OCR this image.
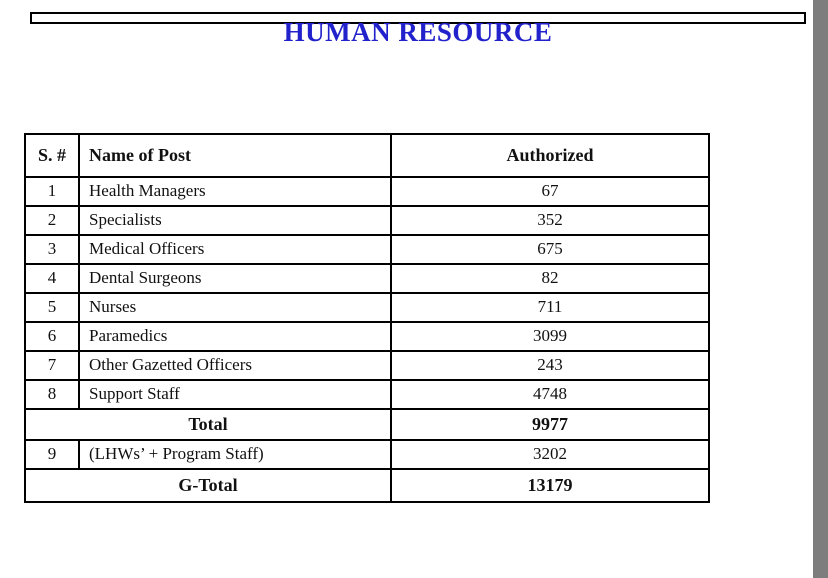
HUMAN RESOURCE
S. #	Name of Post	Authorized
1	Health Managers	67
2	Specialists	352
3	Medical Officers	675
4	Dental Surgeons	82
5	Nurses	711
6	Paramedics	3099
7	Other Gazetted Officers	243
8	Support Staff	4748
Total		9977
9	(LHWs’ + Program Staff)	3202
G-Total		13179
